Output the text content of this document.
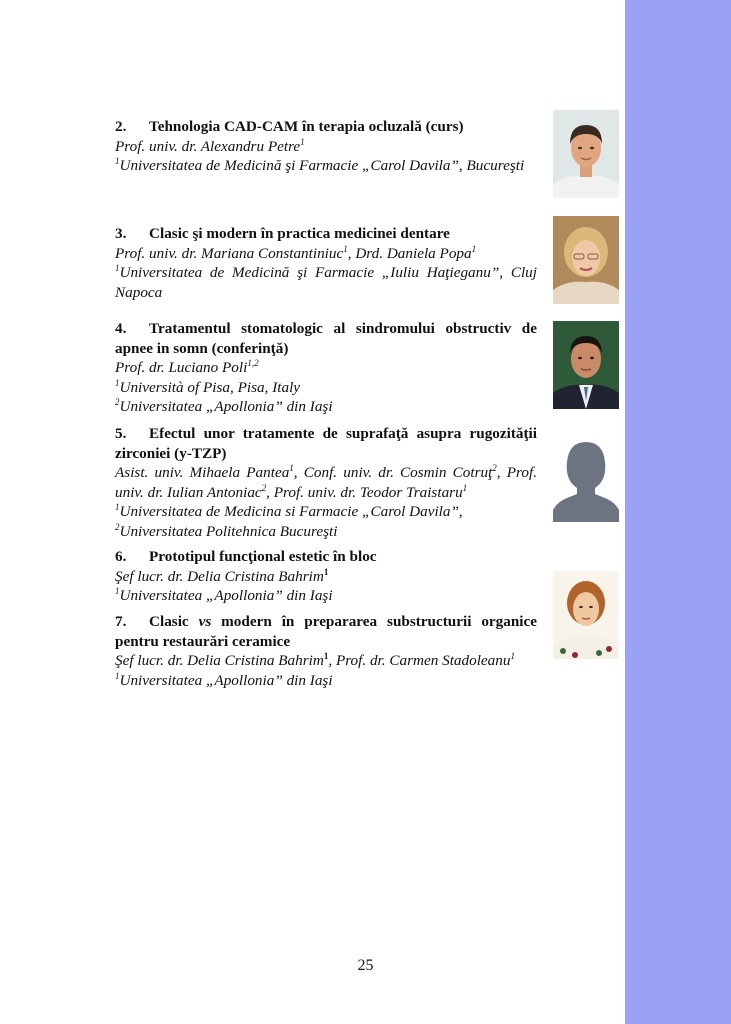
2. Tehnologia CAD-CAM în terapia ocluzală (curs)
Prof. univ. dr. Alexandru Petre$^1$
$^1$Universitatea de Medicină şi Farmacie „Carol Davila”, Bucureşti
3. Clasic şi modern în practica medicinei dentare
Prof. univ. dr. Mariana Constantiniuc$^1$, Drd. Daniela Popa$^1$
$^1$Universitatea de Medicină şi Farmacie „Iuliu Haţieganu”, Cluj Napoca
4. Tratamentul stomatologic al sindromului obstructiv de apnee in somn (conferinţă)
Prof. dr. Luciano Poli$^{1,2}$
$^1$Università of Pisa, Pisa, Italy
$^2$Universitatea „Apollonia” din Iaşi
5. Efectul unor tratamente de suprafaţă asupra rugozităţii zirconiei (y-TZP)
Asist. univ. Mihaela Pantea$^1$, Conf. univ. dr. Cosmin Cotruţ$^2$, Prof. univ. dr. Iulian Antoniac$^2$, Prof. univ. dr. Teodor Traistaru$^1$
$^1$Universitatea de Medicina si Farmacie „Carol Davila”,
$^2$Universitatea Politehnica Bucureşti
6. Prototipul funcţional estetic în bloc
Şef lucr. dr. Delia Cristina Bahrim$^1$
$^1$Universitatea „Apollonia” din Iaşi
7. Clasic vs modern în prepararea substructurii organice pentru restaurări ceramice
Şef lucr. dr. Delia Cristina Bahrim$^1$, Prof. dr. Carmen Stadoleanu$^1$
$^1$Universitatea „Apollonia” din Iaşi
25
